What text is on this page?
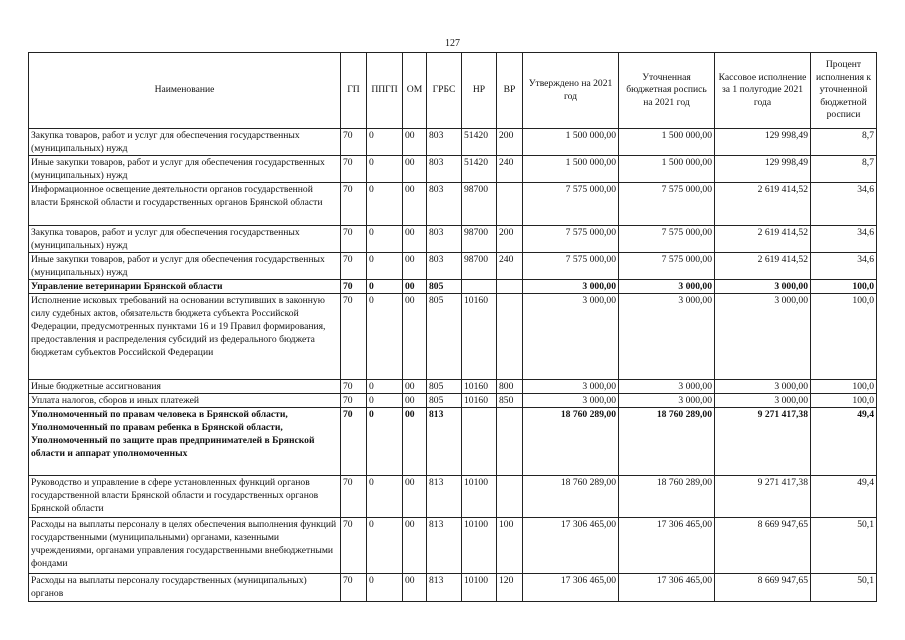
127
Наименование	ГП	ППГП	ОМ	ГРБС	НР	ВР	Утверждено на 2021 год	Уточненная бюджетная роспись на 2021 год	Кассовое исполнение за 1 полугодие 2021 года	Процент исполнения к уточненной бюджетной росписи
Закупка товаров, работ и услуг для обеспечения государственных (муниципальных) нужд	70	0	00	803	51420	200	1 500 000,00	1 500 000,00	129 998,49	8,7
Иные закупки товаров, работ и услуг для обеспечения государственных (муниципальных) нужд	70	0	00	803	51420	240	1 500 000,00	1 500 000,00	129 998,49	8,7
Информационное освещение деятельности органов государственной власти Брянской области и государственных органов Брянской области	70	0	00	803	98700		7 575 000,00	7 575 000,00	2 619 414,52	34,6
Закупка товаров, работ и услуг для обеспечения государственных (муниципальных) нужд	70	0	00	803	98700	200	7 575 000,00	7 575 000,00	2 619 414,52	34,6
Иные закупки товаров, работ и услуг для обеспечения государственных (муниципальных) нужд	70	0	00	803	98700	240	7 575 000,00	7 575 000,00	2 619 414,52	34,6
Управление ветеринарии Брянской области	70	0	00	805			3 000,00	3 000,00	3 000,00	100,0
Исполнение исковых требований на основании вступивших в законную силу судебных актов, обязательств бюджета субъекта Российской Федерации, предусмотренных пунктами 16 и 19 Правил формирования, предоставления и распределения субсидий из федерального бюджета бюджетам субъектов Российской Федерации	70	0	00	805	10160		3 000,00	3 000,00	3 000,00	100,0
Иные бюджетные ассигнования	70	0	00	805	10160	800	3 000,00	3 000,00	3 000,00	100,0
Уплата налогов, сборов и иных платежей	70	0	00	805	10160	850	3 000,00	3 000,00	3 000,00	100,0
Уполномоченный по правам человека в Брянской области, Уполномоченный по правам ребенка в Брянской области, Уполномоченный по защите прав предпринимателей в Брянской области и аппарат уполномоченных	70	0	00	813			18 760 289,00	18 760 289,00	9 271 417,38	49,4
Руководство и управление в сфере установленных функций органов государственной власти Брянской области и государственных органов Брянской области	70	0	00	813	10100		18 760 289,00	18 760 289,00	9 271 417,38	49,4
Расходы на выплаты персоналу в целях обеспечения выполнения функций государственными (муниципальными) органами, казенными учреждениями, органами управления государственными внебюджетными фондами	70	0	00	813	10100	100	17 306 465,00	17 306 465,00	8 669 947,65	50,1
Расходы на выплаты персоналу государственных (муниципальных) органов	70	0	00	813	10100	120	17 306 465,00	17 306 465,00	8 669 947,65	50,1
